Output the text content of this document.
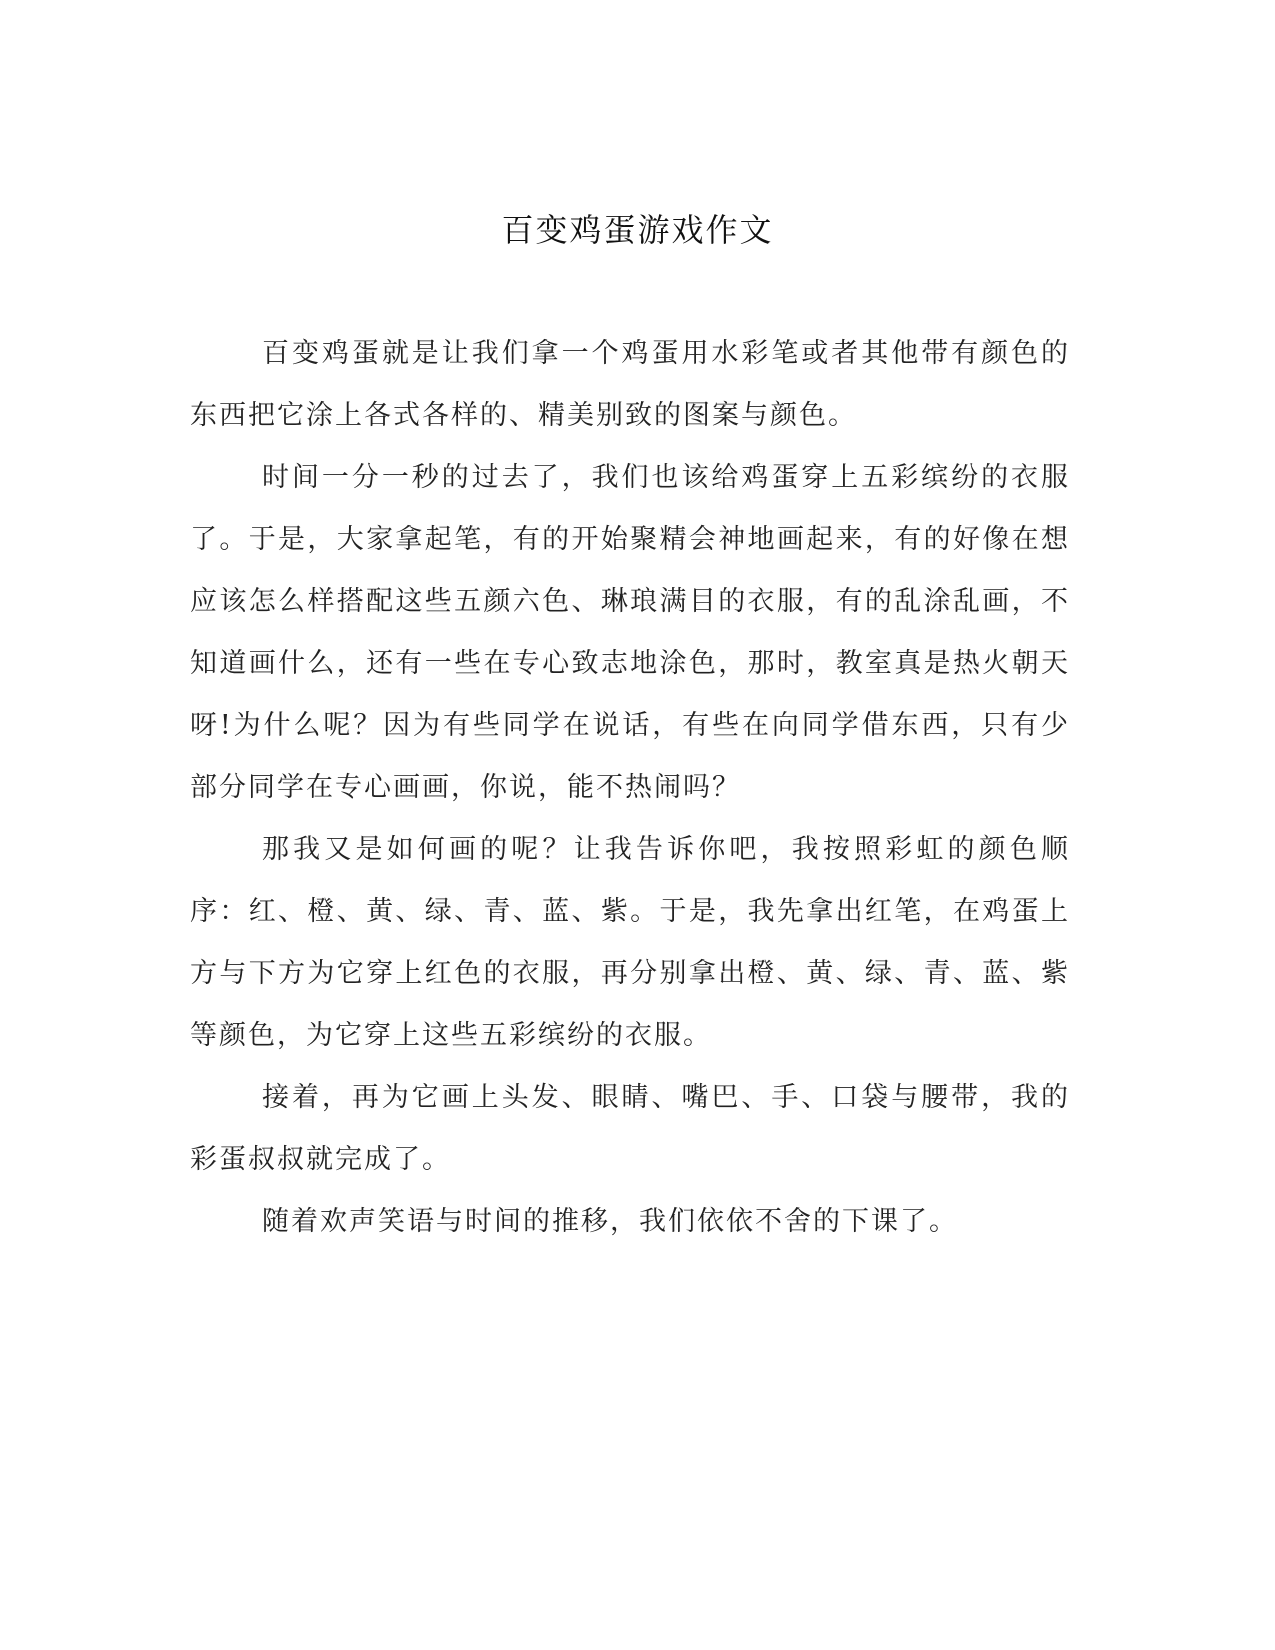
百变鸡蛋游戏作文

百变鸡蛋就是让我们拿一个鸡蛋用水彩笔或者其他带有颜色的东西把它涂上各式各样的、精美别致的图案与颜色。

时间一分一秒的过去了，我们也该给鸡蛋穿上五彩缤纷的衣服了。于是，大家拿起笔，有的开始聚精会神地画起来，有的好像在想应该怎么样搭配这些五颜六色、琳琅满目的衣服，有的乱涂乱画，不知道画什么，还有一些在专心致志地涂色，那时，教室真是热火朝天呀!为什么呢？因为有些同学在说话，有些在向同学借东西，只有少部分同学在专心画画，你说，能不热闹吗？

那我又是如何画的呢？让我告诉你吧，我按照彩虹的颜色顺序：红、橙、黄、绿、青、蓝、紫。于是，我先拿出红笔，在鸡蛋上方与下方为它穿上红色的衣服，再分别拿出橙、黄、绿、青、蓝、紫等颜色，为它穿上这些五彩缤纷的衣服。

接着，再为它画上头发、眼睛、嘴巴、手、口袋与腰带，我的彩蛋叔叔就完成了。

随着欢声笑语与时间的推移，我们依依不舍的下课了。
